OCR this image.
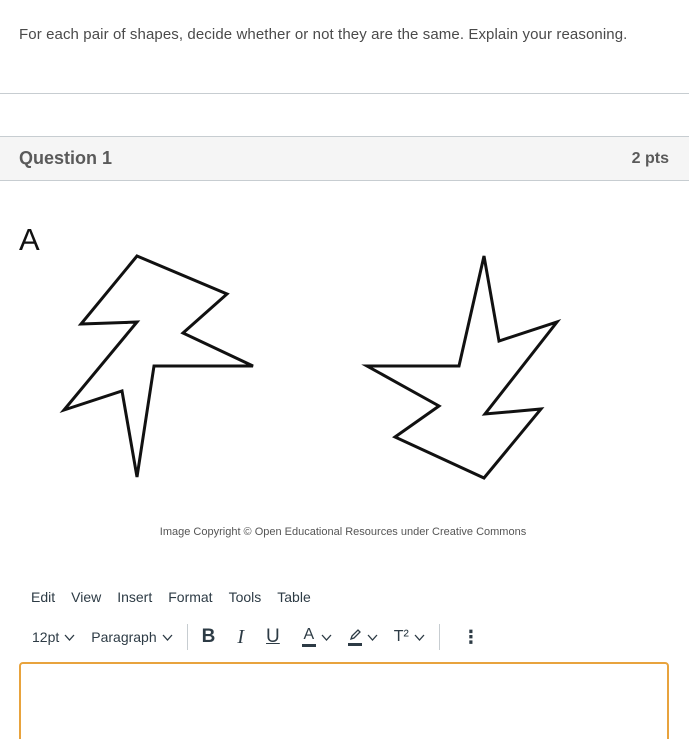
For each pair of shapes, decide whether or not they are the same. Explain your reasoning.
Question 1	2 pts
A
Image Copyright © Open Educational Resources under Creative Commons
Edit View Insert Format Tools Table
12pt Paragraph B I U A	T²	⋮
